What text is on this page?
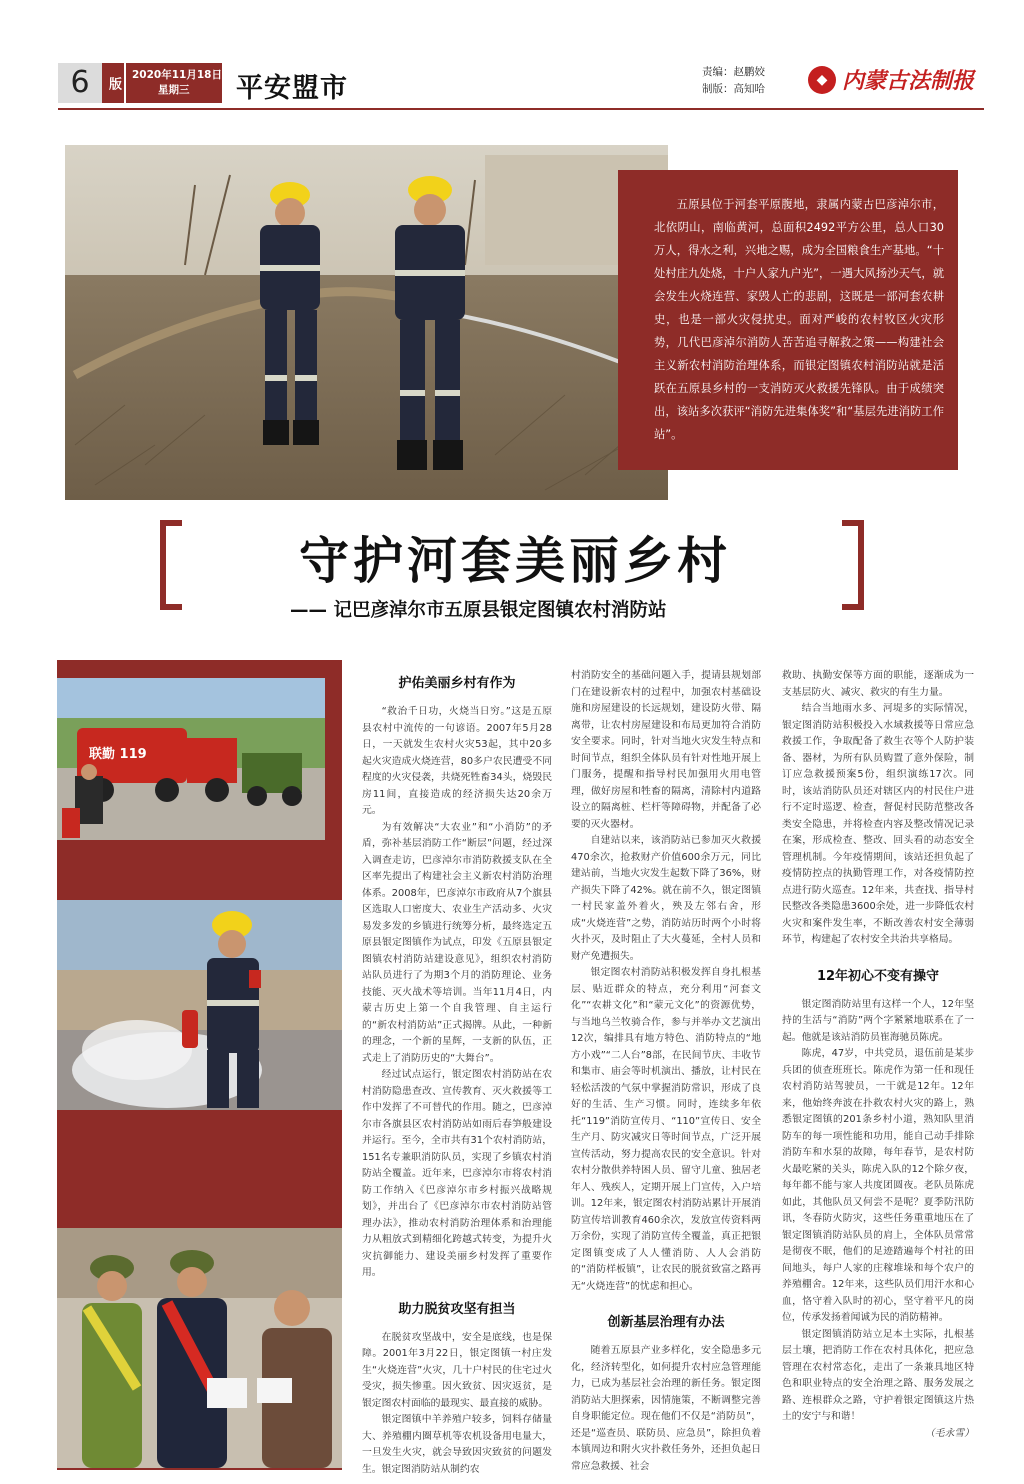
6	版
2020年11月18日
星期三	平安盟市
责编：赵鹏姣
制版：高知哈
◆ 内蒙古法制报

五原县位于河套平原腹地，隶属内蒙古巴彦淖尔市，北依阴山，南临黄河，总面积2492平方公里，总人口30万人，得水之利，兴地之赐，成为全国粮食生产基地。“十处村庄九处烧，十户人家九户光”，一遇大风扬沙天气，就会发生火烧连营、家毁人亡的悲剧，这既是一部河套农耕史，也是一部火灾侵扰史。面对严峻的农村牧区火灾形势，几代巴彦淖尔消防人苦苦追寻解救之策——构建社会主义新农村消防治理体系，而银定图镇农村消防站就是活跃在五原县乡村的一支消防灭火救援先锋队。由于成绩突出，该站多次获评“消防先进集体奖”和“基层先进消防工作站”。

守护河套美丽乡村
—— 记巴彦淖尔市五原县银定图镇农村消防站
联勤 119
护佑美丽乡村有作为

“救治千日功，火烧当日穷。”这是五原县农村中流传的一句谚语。2007年5月28日，一天就发生农村火灾53起，其中20多起火灾造成火烧连营，80多户农民遭受不同程度的火灾侵袭，共烧死牲畜34头，烧毁民房11间，直接造成的经济损失达20余万元。

为有效解决“大农业”和“小消防”的矛盾，弥补基层消防工作“断层”问题，经过深入调查走访，巴彦淖尔市消防救援支队在全区率先提出了构建社会主义新农村消防治理体系。2008年，巴彦淖尔市政府从7个旗县区选取人口密度大、农业生产活动多、火灾易发多发的乡镇进行统筹分析，最终选定五原县银定图镇作为试点，印发《五原县银定图镇农村消防站建设意见》，组织农村消防站队员进行了为期3个月的消防理论、业务技能、灭火战术等培训。当年11月4日，内蒙古历史上第一个自我管理、自主运行的“新农村消防站”正式揭牌。从此，一种新的理念，一个新的星辉，一支新的队伍，正式走上了消防历史的“大舞台”。

经过试点运行，银定图农村消防站在农村消防隐患查改、宣传教育、灭火救援等工作中发挥了不可替代的作用。随之，巴彦淖尔市各旗县区农村消防站如雨后春笋般建设并运行。至今，全市共有31个农村消防站，151名专兼职消防队员，实现了乡镇农村消防站全覆盖。近年来，巴彦淖尔市将农村消防工作纳入《巴彦淖尔市乡村振兴战略规划》，并出台了《巴彦淖尔市农村消防站管理办法》，推动农村消防治理体系和治理能力从粗放式到精细化跨越式转变，为提升火灾抗御能力、建设美丽乡村发挥了重要作用。

助力脱贫攻坚有担当

在脱贫攻坚战中，安全是底线，也是保障。2001年3月22日，银定图镇一村庄发生“火烧连营”火灾，几十户村民的住宅过火受灾，损失惨重。因火致贫、因灾返贫，是银定图农村面临的最现实、最直接的威胁。

银定图镇中羊养殖户较多，饲料存储量大、养殖棚内圈草机等农机设备用电量大，一旦发生火灾，就会导致因灾致贫的问题发生。银定图消防站从制约农

村消防安全的基础问题入手，提请县规划部门在建设新农村的过程中，加强农村基础设施和房屋建设的长远规划，建设防火带、隔离带，让农村房屋建设和布局更加符合消防安全要求。同时，针对当地火灾发生特点和时间节点，组织全体队员有针对性地开展上门服务，提醒和指导村民加强用火用电管理，做好房屋和牲畜的隔离，清除村内道路设立的隔离桩、栏杆等障碍物，并配备了必要的灭火器材。

自建站以来，该消防站已参加灭火救援470余次，抢救财产价值600余万元，同比建站前，当地火灾发生起数下降了36%，财产损失下降了42%。就在前不久，银定图镇一村民家盖外着火，殃及左邻右舍，形成“火烧连营”之势，消防站历时两个小时将火扑灭，及时阻止了大火蔓延，全村人员和财产免遭损失。

银定图农村消防站积极发挥自身扎根基层、贴近群众的特点，充分利用“河套文化”“农耕文化”和“蒙元文化”的资源优势，与当地乌兰牧骑合作，参与并举办文艺演出12次，编排具有地方特色、消防特点的“地方小戏”“二人台”8部，在民间节庆、丰收节和集市、庙会等时机演出、播放，让村民在轻松活泼的气氛中掌握消防常识，形成了良好的生活、生产习惯。同时，连续多年依托“119”消防宣传月、“110”宣传日、安全生产月、防灾减灾日等时间节点，广泛开展宣传活动，努力提高农民的安全意识。针对农村分散供养特困人员、留守儿童、独居老年人、残疾人，定期开展上门宣传，入户培训。12年来，银定图农村消防站累计开展消防宣传培训教育460余次，发放宣传资料两万余份，实现了消防宣传全覆盖，真正把银定图镇变成了人人懂消防、人人会消防的“消防样板镇”，让农民的脱贫致富之路再无“火烧连营”的忧虑和担心。

创新基层治理有办法

随着五原县产业多样化，安全隐患多元化，经济转型化，如何提升农村应急管理能力，已成为基层社会治理的新任务。银定图消防站大胆探索，因情施策，不断调整完善自身职能定位。现在他们不仅是“消防员”，还是“巡查员、联防员、应急员”，除担负着本镇周边和附火灾扑救任务外，还担负起日常应急救援、社会

救助、执勤安保等方面的职能，逐渐成为一支基层防火、减灾、救灾的有生力量。

结合当地雨水多、河堤多的实际情况，银定图消防站积极投入水域救援等日常应急救援工作，争取配备了救生衣等个人防护装备、器材，为所有队员购置了意外保险，制订应急救援预案5份，组织演练17次。同时，该站消防队员还对辖区内的村民住户进行不定时巡逻、检查，督促村民防范整改各类安全隐患，并将检查内容及整改情况记录在案，形成检查、整改、回头看的动态安全管理机制。今年疫情期间，该站还担负起了疫情防控点的执勤管理工作，对各疫情防控点进行防火巡查。12年来，共查找、指导村民整改各类隐患3600余处，进一步降低农村火灾和案件发生率，不断改善农村安全薄弱环节，构建起了农村安全共治共享格局。

12年初心不变有操守

银定图消防站里有这样一个人，12年坚持的生活与“消防”两个字紧紧地联系在了一起。他就是该站消防员崔海驰员陈虎。

陈虎，47岁，中共党员，退伍前是某步兵团的侦查班班长。陈虎作为第一任和现任农村消防站驾驶员，一干就是12年。12年来，他始终奔波在扑救农村火灾的路上，熟悉银定图镇的201条乡村小道，熟知队里消防车的每一项性能和功用，能自己动手排除消防车和水泵的故障，每年春节，是农村防火最吃紧的关头，陈虎入队的12个除夕夜，每年都不能与家人共度团圆夜。老队员陈虎如此，其他队员又何尝不是呢？夏季防汛防讯，冬春防火防灾，这些任务重重地压在了银定图镇消防站队员的肩上，全体队员常常是彻夜不眠，他们的足迹踏遍每个村社的田间地头，每户人家的庄稼堆垛和每个农户的养殖棚舍。12年来，这些队员们用汗水和心血，恪守着入队时的初心，坚守着平凡的岗位，传承发扬着闻诚为民的消防精神。

银定图镇消防站立足本土实际，扎根基层土壤，把消防工作在农村具体化，把应急管理在农村常态化，走出了一条兼具地区特色和职业特点的安全治理之路、服务发展之路、连根群众之路，守护着银定图镇这片热土的安宁与和谐！

（毛永雪）
